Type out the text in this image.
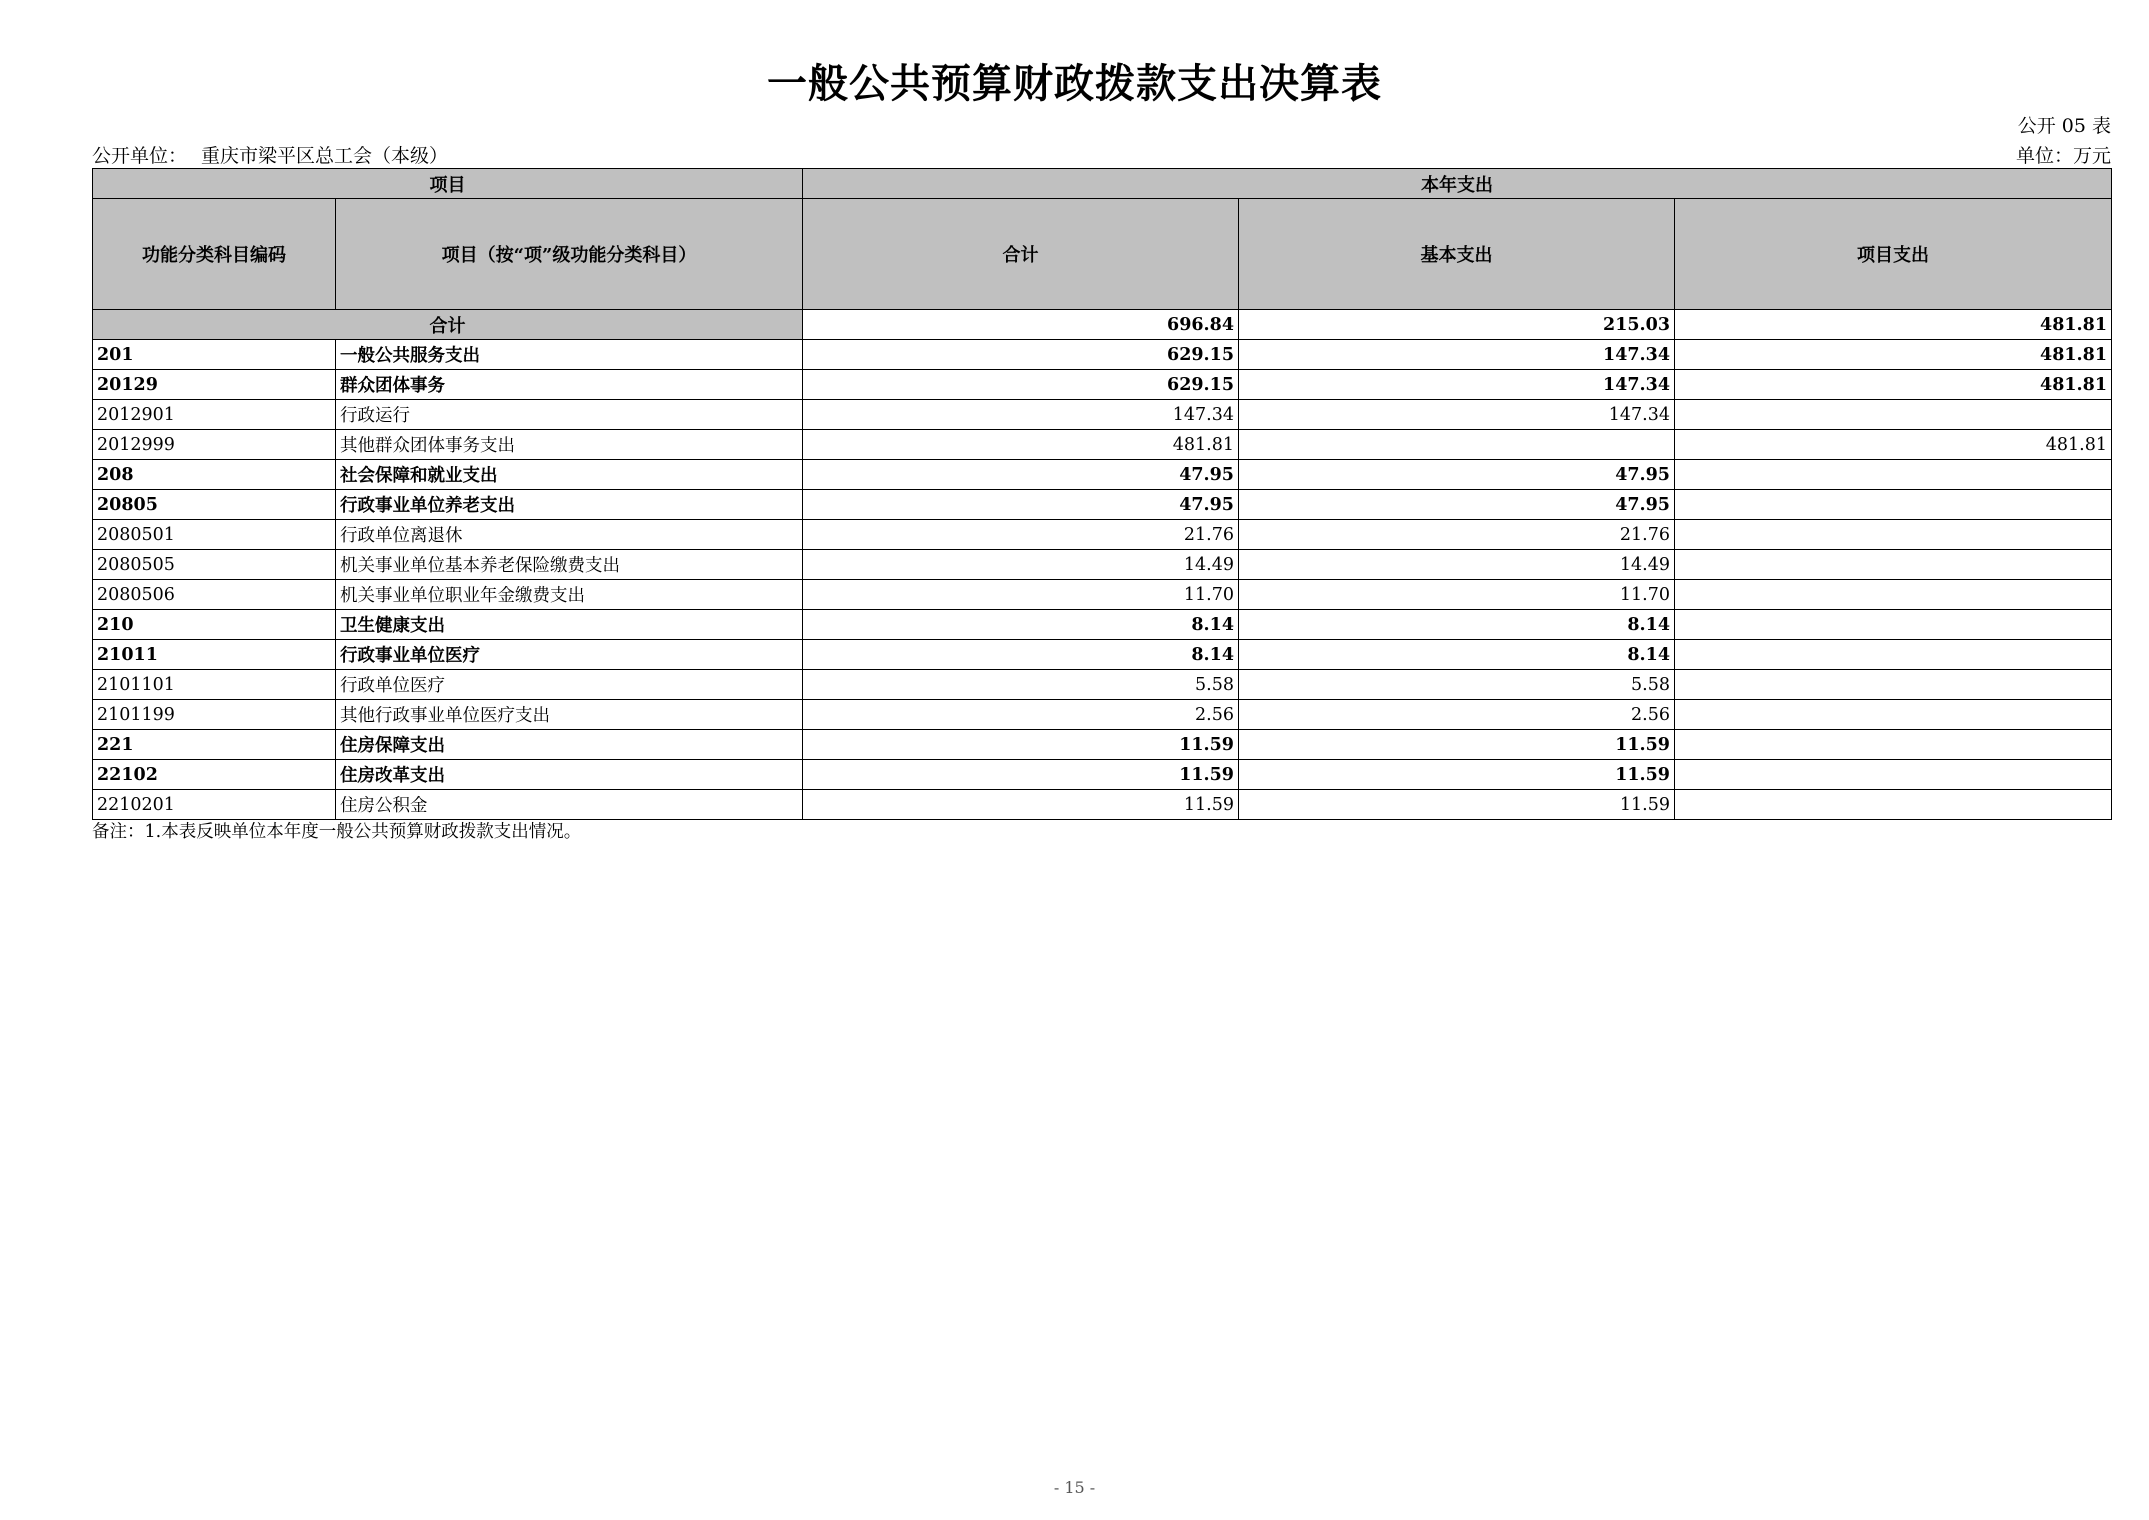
一般公共预算财政拨款支出决算表
公开 05 表
公开单位： 重庆市梁平区总工会（本级）	单位：万元
项目		本年支出		
功能分类科目编码	项目（按“项”级功能分类科目）	合计	基本支出	项目支出
合计		696.84	215.03	481.81
201	一般公共服务支出	629.15	147.34	481.81
20129	群众团体事务	629.15	147.34	481.81
2012901	行政运行	147.34	147.34	
2012999	其他群众团体事务支出	481.81		481.81
208	社会保障和就业支出	47.95	47.95	
20805	行政事业单位养老支出	47.95	47.95	
2080501	行政单位离退休	21.76	21.76	
2080505	机关事业单位基本养老保险缴费支出	14.49	14.49	
2080506	机关事业单位职业年金缴费支出	11.70	11.70	
210	卫生健康支出	8.14	8.14	
21011	行政事业单位医疗	8.14	8.14	
2101101	行政单位医疗	5.58	5.58	
2101199	其他行政事业单位医疗支出	2.56	2.56	
221	住房保障支出	11.59	11.59	
22102	住房改革支出	11.59	11.59	
2210201	住房公积金	11.59	11.59	
备注：1.本表反映单位本年度一般公共预算财政拨款支出情况。
- 15 -
